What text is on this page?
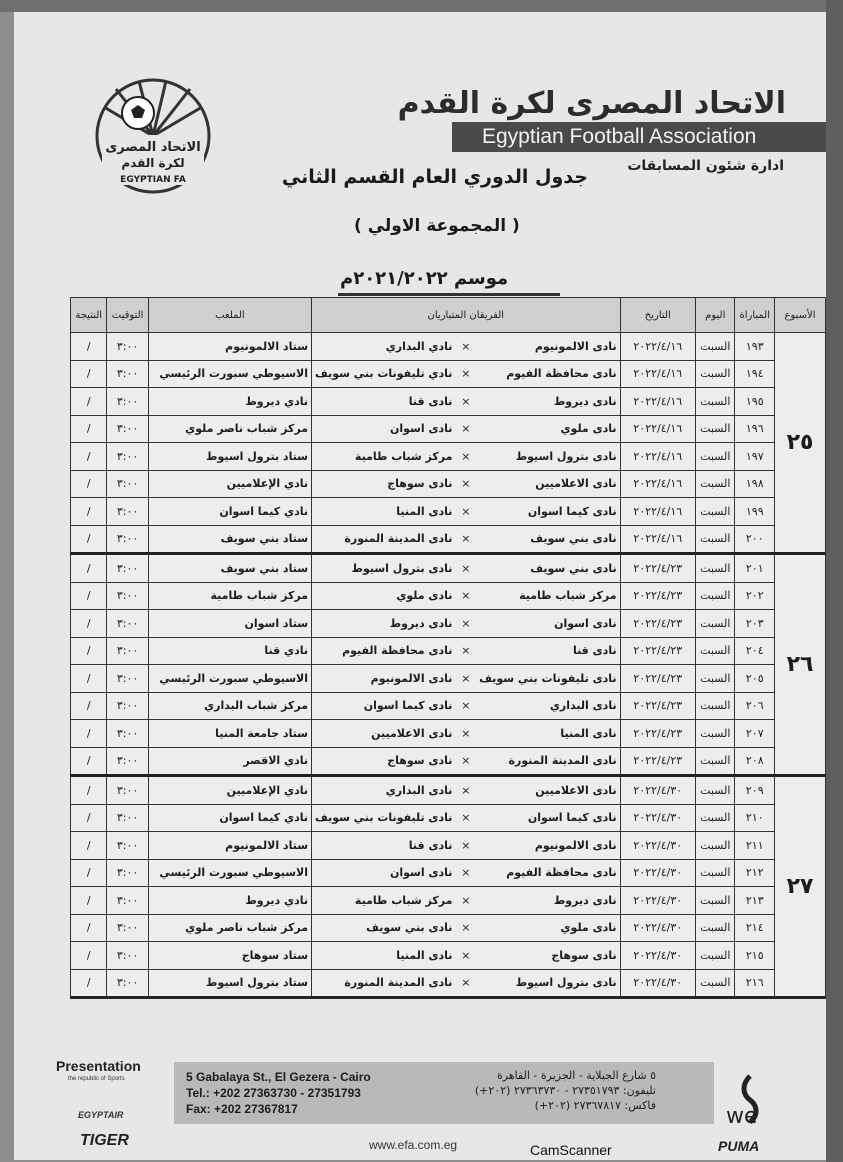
الاتحاد المصرى
لكرة القدم
EGYPTIAN FA
الاتحاد المصرى لكرة القدم
Egyptian Football Association
ادارة شئون المسابقات
جدول الدوري العام القسم الثاني
( المجموعة الاولي )
موسم ٢٠٢١/٢٠٢٢م
الأسبوع	المباراة	اليوم	التاريخ	الفريقان المتباريان			الملعب	التوقيت	النتيجة
٢٥	١٩٣	السبت	٢٠٢٢/٤/١٦	نادى الالمونيوم	×	نادي البداري	ستاد الالمونيوم	٣:٠٠	/
	١٩٤	السبت	٢٠٢٢/٤/١٦	نادى محافظة الفيوم	×	نادي تليفونات بني سويف	الاسيوطي سبورت الرئيسي	٣:٠٠	/
	١٩٥	السبت	٢٠٢٢/٤/١٦	نادى ديروط	×	نادى قنا	نادي ديروط	٣:٠٠	/
	١٩٦	السبت	٢٠٢٢/٤/١٦	نادى ملوي	×	نادى اسوان	مركز شباب ناصر ملوي	٣:٠٠	/
	١٩٧	السبت	٢٠٢٢/٤/١٦	نادى بترول اسيوط	×	مركز شباب طامية	ستاد بترول اسيوط	٣:٠٠	/
	١٩٨	السبت	٢٠٢٢/٤/١٦	نادى الاعلاميين	×	نادى سوهاج	نادي الإعلاميين	٣:٠٠	/
	١٩٩	السبت	٢٠٢٢/٤/١٦	نادى كيما اسوان	×	نادى المنيا	نادي كيما اسوان	٣:٠٠	/
	٢٠٠	السبت	٢٠٢٢/٤/١٦	نادى بني سويف	×	نادى المدينة المنورة	ستاد بني سويف	٣:٠٠	/
٢٦	٢٠١	السبت	٢٠٢٢/٤/٢٣	نادى بني سويف	×	نادى بترول اسيوط	ستاد بني سويف	٣:٠٠	/
	٢٠٢	السبت	٢٠٢٢/٤/٢٣	مركز شباب طامية	×	نادى ملوي	مركز شباب طامية	٣:٠٠	/
	٢٠٣	السبت	٢٠٢٢/٤/٢٣	نادى اسوان	×	نادى ديروط	ستاد اسوان	٣:٠٠	/
	٢٠٤	السبت	٢٠٢٢/٤/٢٣	نادى قنا	×	نادى محافظة الفيوم	نادي قنا	٣:٠٠	/
	٢٠٥	السبت	٢٠٢٢/٤/٢٣	نادى تليفونات بني سويف	×	نادى الالمونيوم	الاسيوطي سبورت الرئيسي	٣:٠٠	/
	٢٠٦	السبت	٢٠٢٢/٤/٢٣	نادى البداري	×	نادى كيما اسوان	مركز شباب البداري	٣:٠٠	/
	٢٠٧	السبت	٢٠٢٢/٤/٢٣	نادى المنيا	×	نادى الاعلاميين	ستاد جامعة المنيا	٣:٠٠	/
	٢٠٨	السبت	٢٠٢٢/٤/٢٣	نادى المدينة المنورة	×	نادى سوهاج	نادي الاقصر	٣:٠٠	/
٢٧	٢٠٩	السبت	٢٠٢٢/٤/٣٠	نادى الاعلاميين	×	نادى البداري	نادي الإعلاميين	٣:٠٠	/
	٢١٠	السبت	٢٠٢٢/٤/٣٠	نادى كيما اسوان	×	نادى تليفونات بني سويف	نادي كيما اسوان	٣:٠٠	/
	٢١١	السبت	٢٠٢٢/٤/٣٠	نادى الالمونيوم	×	نادى قنا	ستاد الالمونيوم	٣:٠٠	/
	٢١٢	السبت	٢٠٢٢/٤/٣٠	نادى محافظة الفيوم	×	نادى اسوان	الاسيوطي سبورت الرئيسي	٣:٠٠	/
	٢١٣	السبت	٢٠٢٢/٤/٣٠	نادى ديروط	×	مركز شباب طامية	نادي ديروط	٣:٠٠	/
	٢١٤	السبت	٢٠٢٢/٤/٣٠	نادى ملوي	×	نادى بني سويف	مركز شباب ناصر ملوي	٣:٠٠	/
	٢١٥	السبت	٢٠٢٢/٤/٣٠	نادى سوهاج	×	نادى المنيا	ستاد سوهاج	٣:٠٠	/
	٢١٦	السبت	٢٠٢٢/٤/٣٠	نادى بترول اسيوط	×	نادى المدينة المنورة	ستاد بترول اسيوط	٣:٠٠	/
Presentation
the republic of Sports
EGYPTAIR
TIGER
5 Gabalaya St., El Gezera - Cairo
Tel.: +202 27363730 - 27351793
Fax: +202 27367817
٥ شارع الجبلاية - الجزيرة - القاهرة
تليفون: ٢٧٣٥١٧٩٣ - ٢٧٣٦٣٧٣٠ (٢٠٢+)
فاكس: ٢٧٣٦٧٨١٧ (٢٠٢+)
www.efa.com.eg
we
PUMA
CamScanner
